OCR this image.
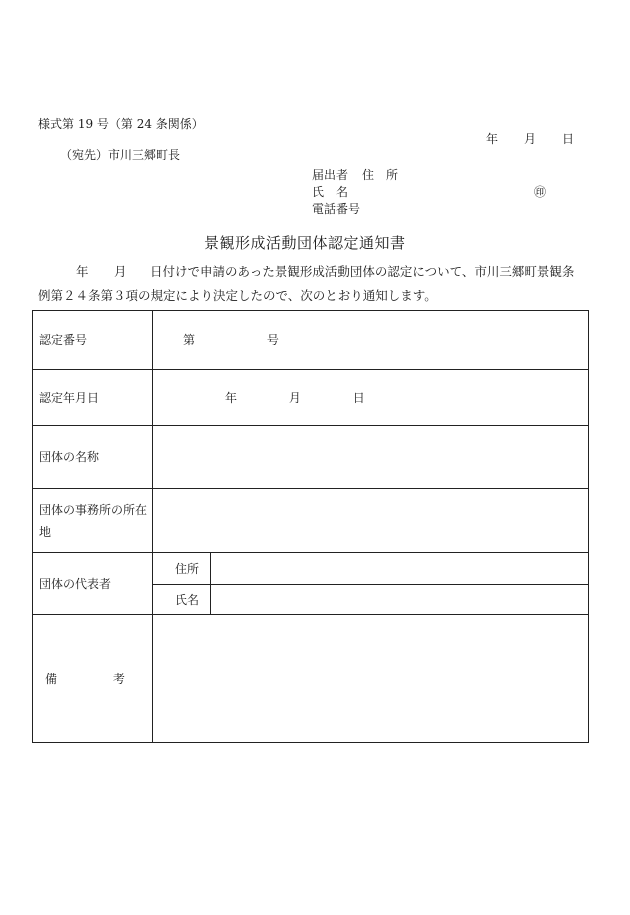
様式第 19 号（第 24 条関係）
年 月 日
（宛先）市川三郷町長
届出者 住　所
氏　名	㊞
電話番号
景観形成活動団体認定通知書
年 月 日付けで申請のあった景観形成活動団体の認定について、市川三郷町景観条
例第２４条第３項の規定により決定したので、次のとおり通知します。
認定番号	第 号	
認定年月日	年 月 日	
団体の名称		
団体の事務所の所在地		
団体の代表者	住所	
	氏名	
備 考		
